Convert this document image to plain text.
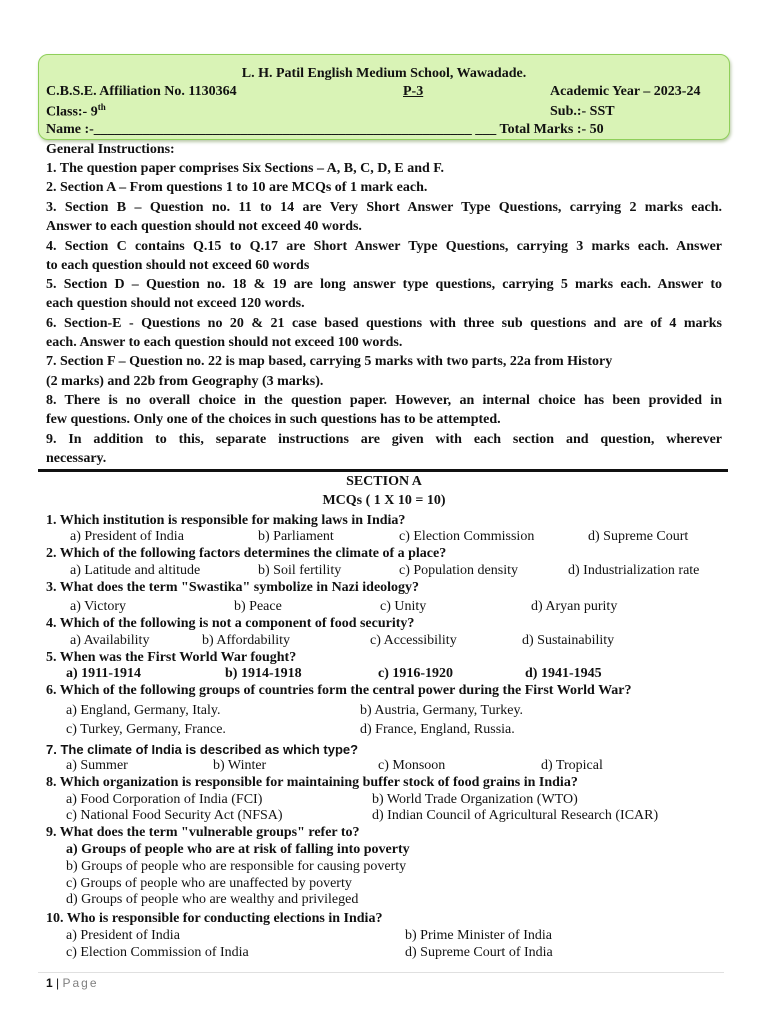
L. H. Patil English Medium School, Wawadade.
C.B.S.E. Affiliation No. 1130364	P-3	Academic Year – 2023-24
Class:- 9th	Sub.:- SST
Name :-______________________________________________________ ___ Total Marks :- 50
General Instructions:
1. The question paper comprises Six Sections – A, B, C, D, E and F.
2. Section A – From questions 1 to 10 are MCQs of 1 mark each.
3. Section B – Question no. 11 to 14 are Very Short Answer Type Questions, carrying 2 marks each.
Answer to each question should not exceed 40 words.
4. Section C contains Q.15 to Q.17 are Short Answer Type Questions, carrying 3 marks each. Answer
to each question should not exceed 60 words
5. Section D – Question no. 18 & 19 are long answer type questions, carrying 5 marks each. Answer to
each question should not exceed 120 words.
6. Section-E - Questions no 20 & 21 case based questions with three sub questions and are of 4 marks
each. Answer to each question should not exceed 100 words.
7. Section F – Question no. 22 is map based, carrying 5 marks with two parts, 22a from History
(2 marks) and 22b from Geography (3 marks).
8. There is no overall choice in the question paper. However, an internal choice has been provided in
few questions. Only one of the choices in such questions has to be attempted.
9. In addition to this, separate instructions are given with each section and question, wherever
necessary.
SECTION A
MCQs ( 1 X 10 = 10)
1. Which institution is responsible for making laws in India?
a) President of India	b) Parliament	c) Election Commission	d) Supreme Court
2. Which of the following factors determines the climate of a place?
a) Latitude and altitude	b) Soil fertility	c) Population density	d) Industrialization rate
3. What does the term "Swastika" symbolize in Nazi ideology?
a) Victory	b) Peace	c) Unity	d) Aryan purity
4. Which of the following is not a component of food security?
a) Availability	b) Affordability	c) Accessibility	d) Sustainability
5. When was the First World War fought?
a) 1911-1914	b) 1914-1918	c) 1916-1920	d) 1941-1945
6. Which of the following groups of countries form the central power during the First World War?
a) England, Germany, Italy.	b) Austria, Germany, Turkey.
c) Turkey, Germany, France.	d) France, England, Russia.
7. The climate of India is described as which type?
a) Summer	b) Winter	c) Monsoon	d) Tropical
8. Which organization is responsible for maintaining buffer stock of food grains in India?
a) Food Corporation of India (FCI)	b) World Trade Organization (WTO)
c) National Food Security Act (NFSA)	d) Indian Council of Agricultural Research (ICAR)
9. What does the term "vulnerable groups" refer to?
a) Groups of people who are at risk of falling into poverty
b) Groups of people who are responsible for causing poverty
c) Groups of people who are unaffected by poverty
d) Groups of people who are wealthy and privileged
10. Who is responsible for conducting elections in India?
a) President of India	b) Prime Minister of India
c) Election Commission of India	d) Supreme Court of India
1 | Page
